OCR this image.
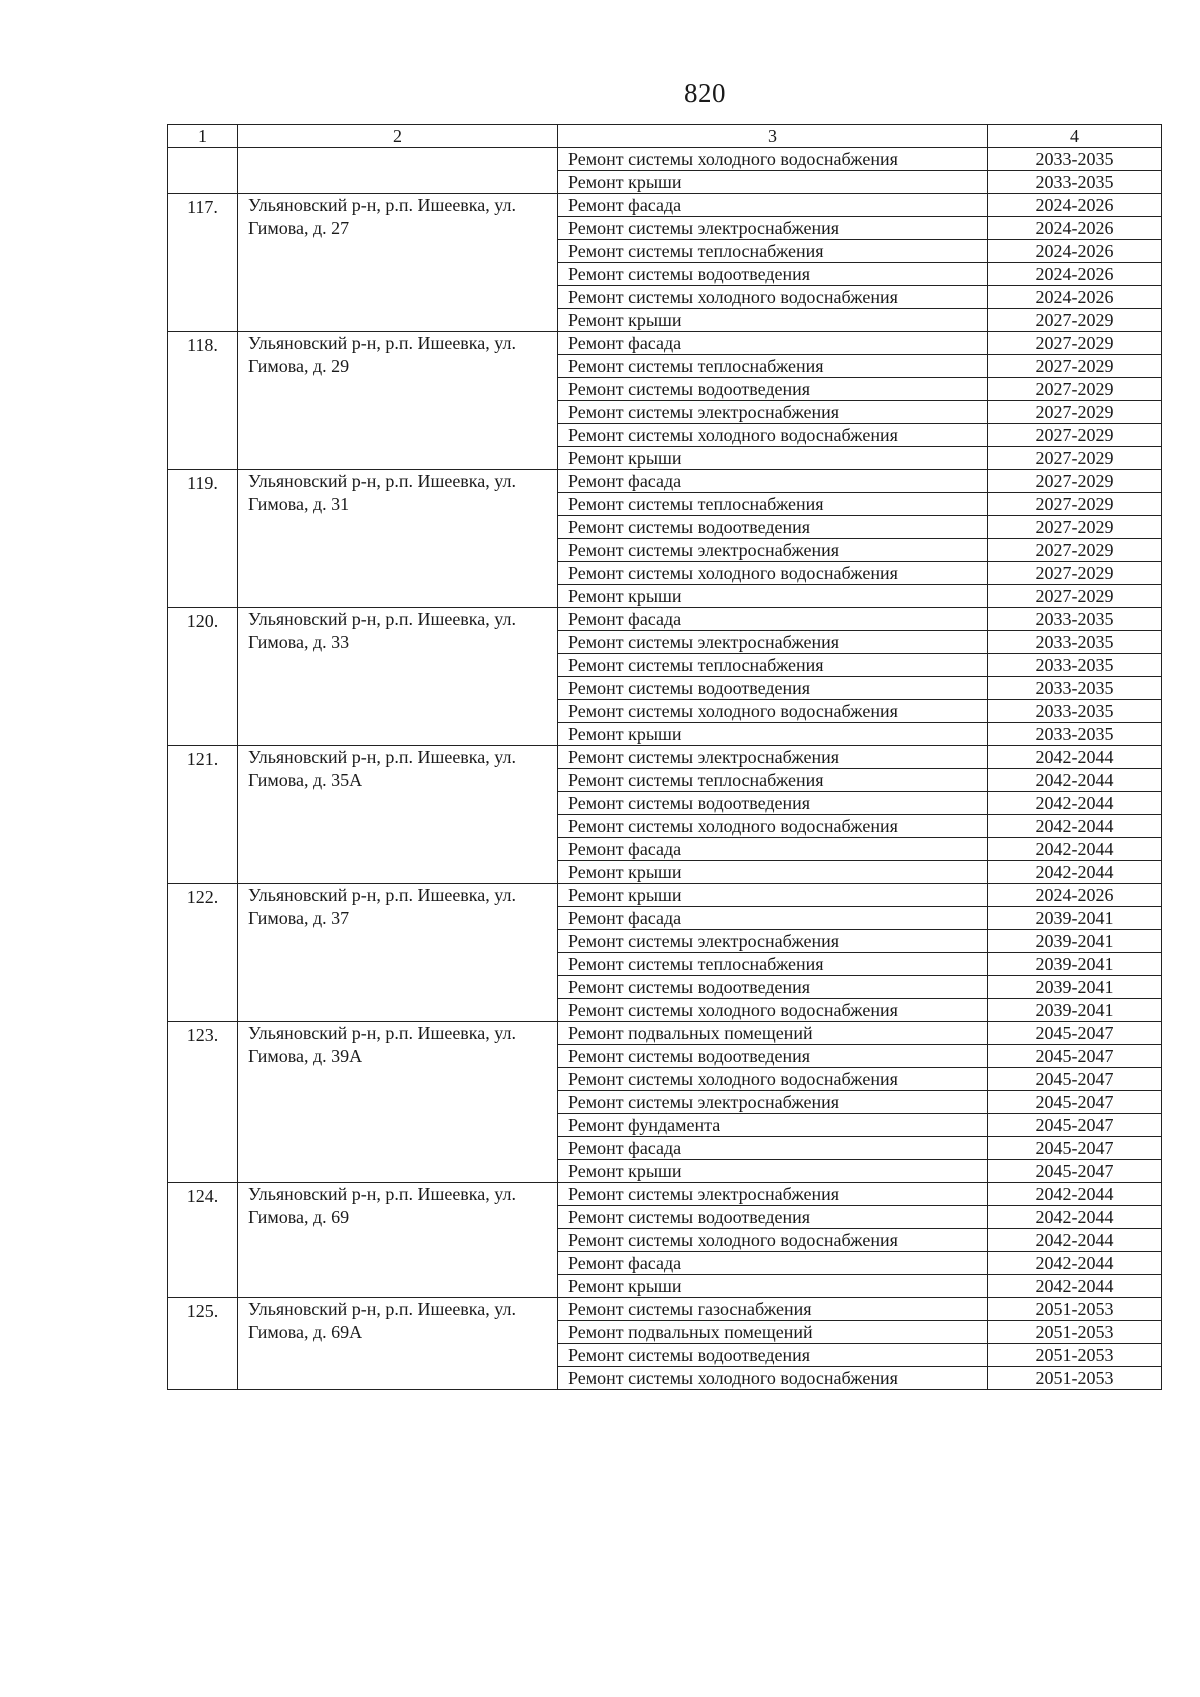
820
1	2	3	4
		Ремонт системы холодного водоснабжения	2033-2035
		Ремонт крыши	2033-2035
117.	Ульяновский р-н, р.п. Ишеевка, ул. Гимова, д. 27	Ремонт фасада	2024-2026
		Ремонт системы электроснабжения	2024-2026
		Ремонт системы теплоснабжения	2024-2026
		Ремонт системы водоотведения	2024-2026
		Ремонт системы холодного водоснабжения	2024-2026
		Ремонт крыши	2027-2029
118.	Ульяновский р-н, р.п. Ишеевка, ул. Гимова, д. 29	Ремонт фасада	2027-2029
		Ремонт системы теплоснабжения	2027-2029
		Ремонт системы водоотведения	2027-2029
		Ремонт системы электроснабжения	2027-2029
		Ремонт системы холодного водоснабжения	2027-2029
		Ремонт крыши	2027-2029
119.	Ульяновский р-н, р.п. Ишеевка, ул. Гимова, д. 31	Ремонт фасада	2027-2029
		Ремонт системы теплоснабжения	2027-2029
		Ремонт системы водоотведения	2027-2029
		Ремонт системы электроснабжения	2027-2029
		Ремонт системы холодного водоснабжения	2027-2029
		Ремонт крыши	2027-2029
120.	Ульяновский р-н, р.п. Ишеевка, ул. Гимова, д. 33	Ремонт фасада	2033-2035
		Ремонт системы электроснабжения	2033-2035
		Ремонт системы теплоснабжения	2033-2035
		Ремонт системы водоотведения	2033-2035
		Ремонт системы холодного водоснабжения	2033-2035
		Ремонт крыши	2033-2035
121.	Ульяновский р-н, р.п. Ишеевка, ул. Гимова, д. 35А	Ремонт системы электроснабжения	2042-2044
		Ремонт системы теплоснабжения	2042-2044
		Ремонт системы водоотведения	2042-2044
		Ремонт системы холодного водоснабжения	2042-2044
		Ремонт фасада	2042-2044
		Ремонт крыши	2042-2044
122.	Ульяновский р-н, р.п. Ишеевка, ул. Гимова, д. 37	Ремонт крыши	2024-2026
		Ремонт фасада	2039-2041
		Ремонт системы электроснабжения	2039-2041
		Ремонт системы теплоснабжения	2039-2041
		Ремонт системы водоотведения	2039-2041
		Ремонт системы холодного водоснабжения	2039-2041
123.	Ульяновский р-н, р.п. Ишеевка, ул. Гимова, д. 39А	Ремонт подвальных помещений	2045-2047
		Ремонт системы водоотведения	2045-2047
		Ремонт системы холодного водоснабжения	2045-2047
		Ремонт системы электроснабжения	2045-2047
		Ремонт фундамента	2045-2047
		Ремонт фасада	2045-2047
		Ремонт крыши	2045-2047
124.	Ульяновский р-н, р.п. Ишеевка, ул. Гимова, д. 69	Ремонт системы электроснабжения	2042-2044
		Ремонт системы водоотведения	2042-2044
		Ремонт системы холодного водоснабжения	2042-2044
		Ремонт фасада	2042-2044
		Ремонт крыши	2042-2044
125.	Ульяновский р-н, р.п. Ишеевка, ул. Гимова, д. 69А	Ремонт системы газоснабжения	2051-2053
		Ремонт подвальных помещений	2051-2053
		Ремонт системы водоотведения	2051-2053
		Ремонт системы холодного водоснабжения	2051-2053
